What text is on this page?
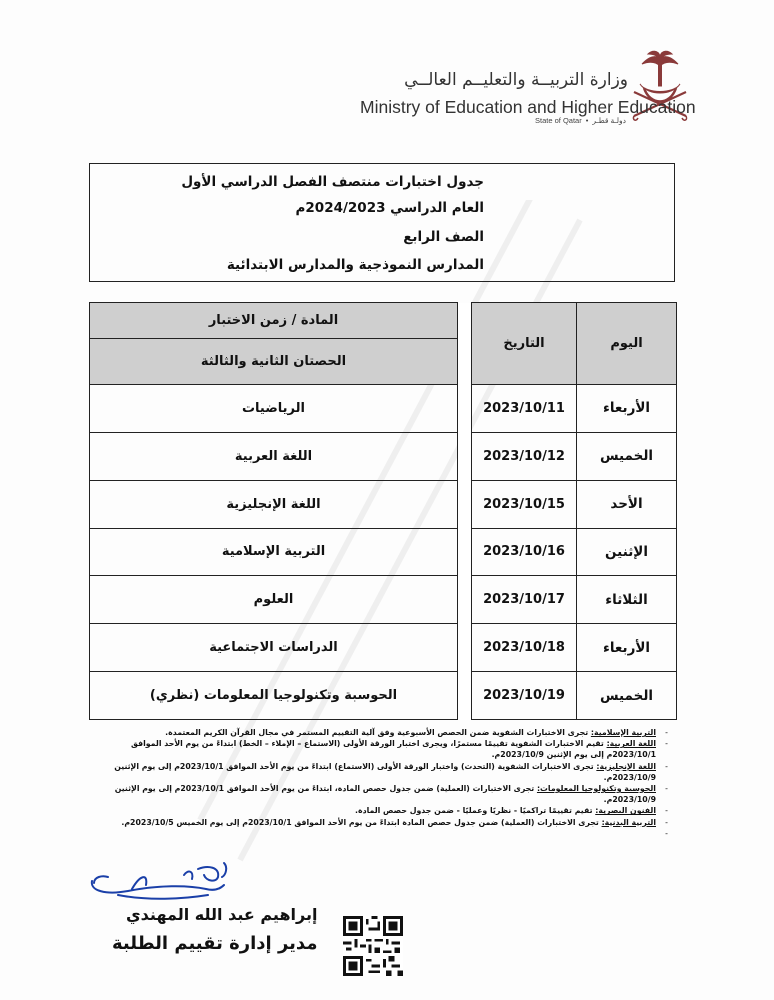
وزارة التربيــة والتعليــم العالــي
Ministry of Education and Higher Education
State of Qatar • دولـة قطـر
جدول اختبارات منتصف الفصل الدراسي الأول
العام الدراسي 2024/2023م
الصف الرابع
المدارس النموذجية والمدارس الابتدائية
اليوم	التاريخ		المادة / زمن الاختبار
			الحصتان الثانية والثالثة
الأربعاء	2023/10/11		الرياضيات
الخميس	2023/10/12		اللغة العربية
الأحد	2023/10/15		اللغة الإنجليزية
الإثنين	2023/10/16		التربية الإسلامية
الثلاثاء	2023/10/17		العلوم
الأربعاء	2023/10/18		الدراسات الاجتماعية
الخميس	2023/10/19		الحوسبة وتكنولوجيا المعلومات (نظري)
-
التربية الإسلامية: تجرى الاختبارات الشفوية ضمن الحصص الأسبوعية وفق آلية التقييم المستمر في مجال القرآن الكريم المعتمدة.
-
اللغة العربية: تقيم الاختبارات الشفوية تقييمًا مستمرًا، ويجرى اختبار الورقة الأولى (الاستماع – الإملاء – الخط) ابتداءً من يوم الأحد الموافق 2023/10/1م إلى يوم الإثنين 2023/10/9م.
-
اللغة الإنجليزية: تجرى الاختبارات الشفوية (التحدث) واختبار الورقة الأولى (الاستماع) ابتداءً من يوم الأحد الموافق 2023/10/1م إلى يوم الإثنين 2023/10/9م.
-
الحوسبة وتكنولوجيا المعلومات: تجرى الاختبارات (العملية) ضمن جدول حصص المادة، ابتداءً من يوم الأحد الموافق 2023/10/1م إلى يوم الإثنين 2023/10/9م.
-
الفنون البصرية: تقيم تقييمًا تراكميًا - نظريًا وعمليًا - ضمن جدول حصص المادة.
-
التربية البدنية: تجرى الاختبارات (العملية) ضمن جدول حصص المادة ابتداءً من يوم الأحد الموافق 2023/10/1م إلى يوم الخميس 2023/10/5م.
-
إبراهيم عبد الله المهندي
مدير إدارة تقييم الطلبة
